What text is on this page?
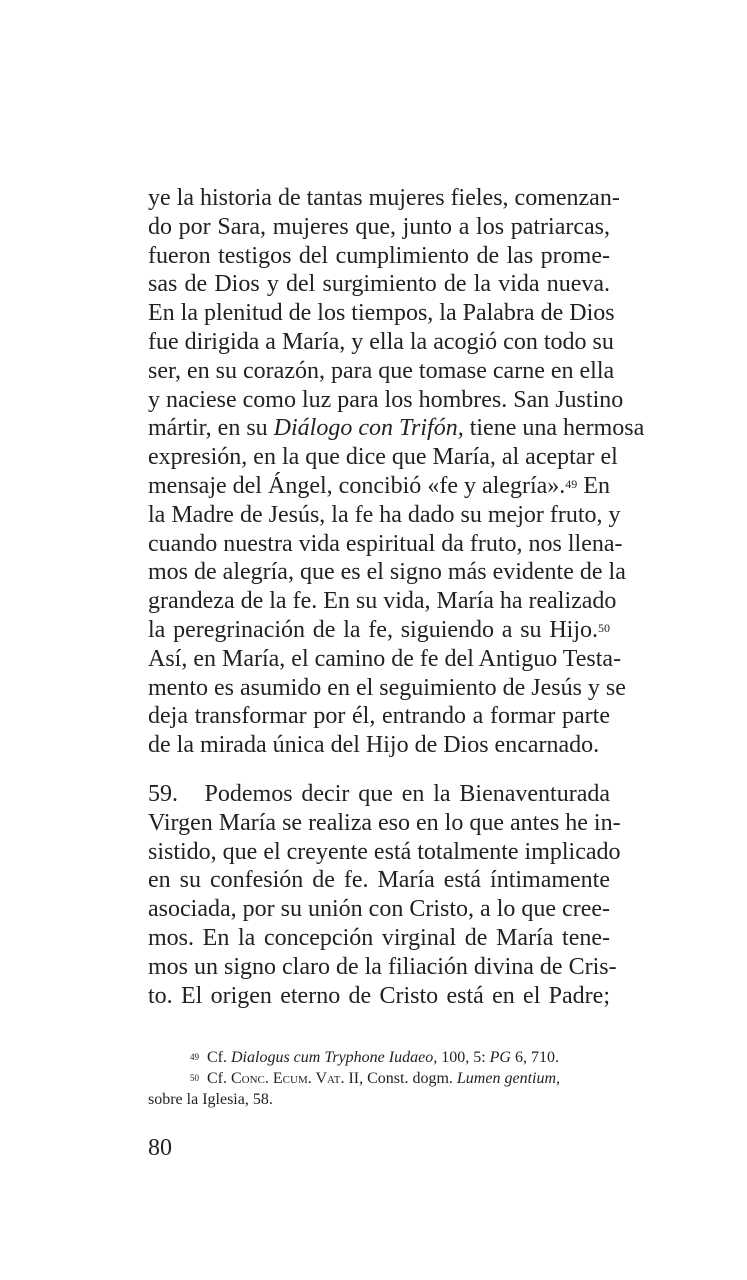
ye la historia de tantas mujeres fieles, comenzan-
do por Sara, mujeres que, junto a los patriarcas,
fueron testigos del cumplimiento de las prome-
sas de Dios y del surgimiento de la vida nueva.
En la plenitud de los tiempos, la Palabra de Dios
fue dirigida a María, y ella la acogió con todo su
ser, en su corazón, para que tomase carne en ella
y naciese como luz para los hombres. San Justino
mártir, en su Diálogo con Trifón, tiene una hermosa
expresión, en la que dice que María, al aceptar el
mensaje del Ángel, concibió «fe y alegría».$^{49}$ En
la Madre de Jesús, la fe ha dado su mejor fruto, y
cuando nuestra vida espiritual da fruto, nos llena-
mos de alegría, que es el signo más evidente de la
grandeza de la fe. En su vida, María ha realizado
la peregrinación de la fe, siguiendo a su Hijo.$^{50}$
Así, en María, el camino de fe del Antiguo Testa-
mento es asumido en el seguimiento de Jesús y se
deja transformar por él, entrando a formar parte
de la mirada única del Hijo de Dios encarnado.
59.   Podemos decir que en la Bienaventurada
Virgen María se realiza eso en lo que antes he in-
sistido, que el creyente está totalmente implicado
en su confesión de fe. María está íntimamente
asociada, por su unión con Cristo, a lo que cree-
mos. En la concepción virginal de María tene-
mos un signo claro de la filiación divina de Cris-
to. El origen eterno de Cristo está en el Padre;
$^{49}$ Cf. Dialogus cum Tryphone Iudaeo, 100, 5: PG 6, 710.
$^{50}$ Cf. Conc. Ecum. Vat. II, Const. dogm. Lumen gentium,
sobre la Iglesia, 58.
80
